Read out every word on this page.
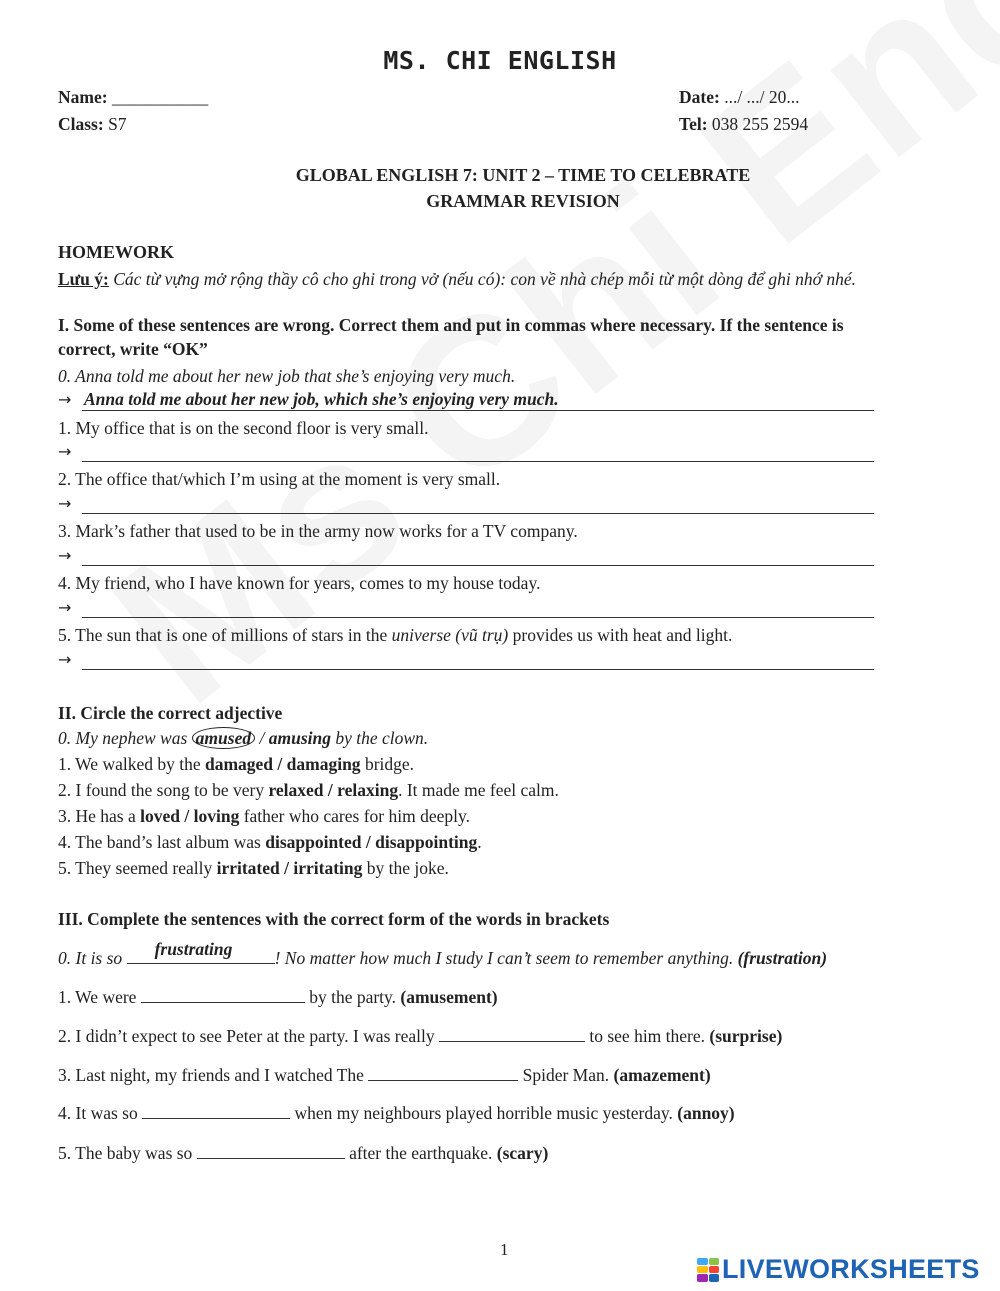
MS. CHI ENGLISH
Name: ___________	Date: .../ .../ 20...
Class: S7	Tel: 038 255 2594
GLOBAL ENGLISH 7: UNIT 2 – TIME TO CELEBRATE
GRAMMAR REVISION
HOMEWORK
Lưu ý: Các từ vựng mở rộng thầy cô cho ghi trong vở (nếu có): con về nhà chép mỗi từ một dòng để ghi nhớ nhé.
I. Some of these sentences are wrong. Correct them and put in commas where necessary. If the sentence is
correct, write “OK”
0. Anna told me about her new job that she’s enjoying very much.
→ Anna told me about her new job, which she’s enjoying very much.
1. My office that is on the second floor is very small.
→
2. The office that/which I’m using at the moment is very small.
→
3. Mark’s father that used to be in the army now works for a TV company.
→
4. My friend, who I have known for years, comes to my house today.
→
5. The sun that is one of millions of stars in the universe (vũ trụ) provides us with heat and light.
→
II. Circle the correct adjective
0. My nephew was amused / amusing by the clown.
1. We walked by the damaged / damaging bridge.
2. I found the song to be very relaxed / relaxing. It made me feel calm.
3. He has a loved / loving father who cares for him deeply.
4. The band’s last album was disappointed / disappointing.
5. They seemed really irritated / irritating by the joke.
III. Complete the sentences with the correct form of the words in brackets
0. It is so frustrating ! No matter how much I study I can’t seem to remember anything. (frustration)
1. We were	by the party. (amusement)
2. I didn’t expect to see Peter at the party. I was really	to see him there. (surprise)
3. Last night, my friends and I watched The	Spider Man. (amazement)
4. It was so	when my neighbours played horrible music yesterday. (annoy)
5. The baby was so	after the earthquake. (scary)
1
LIVEWORKSHEETS
